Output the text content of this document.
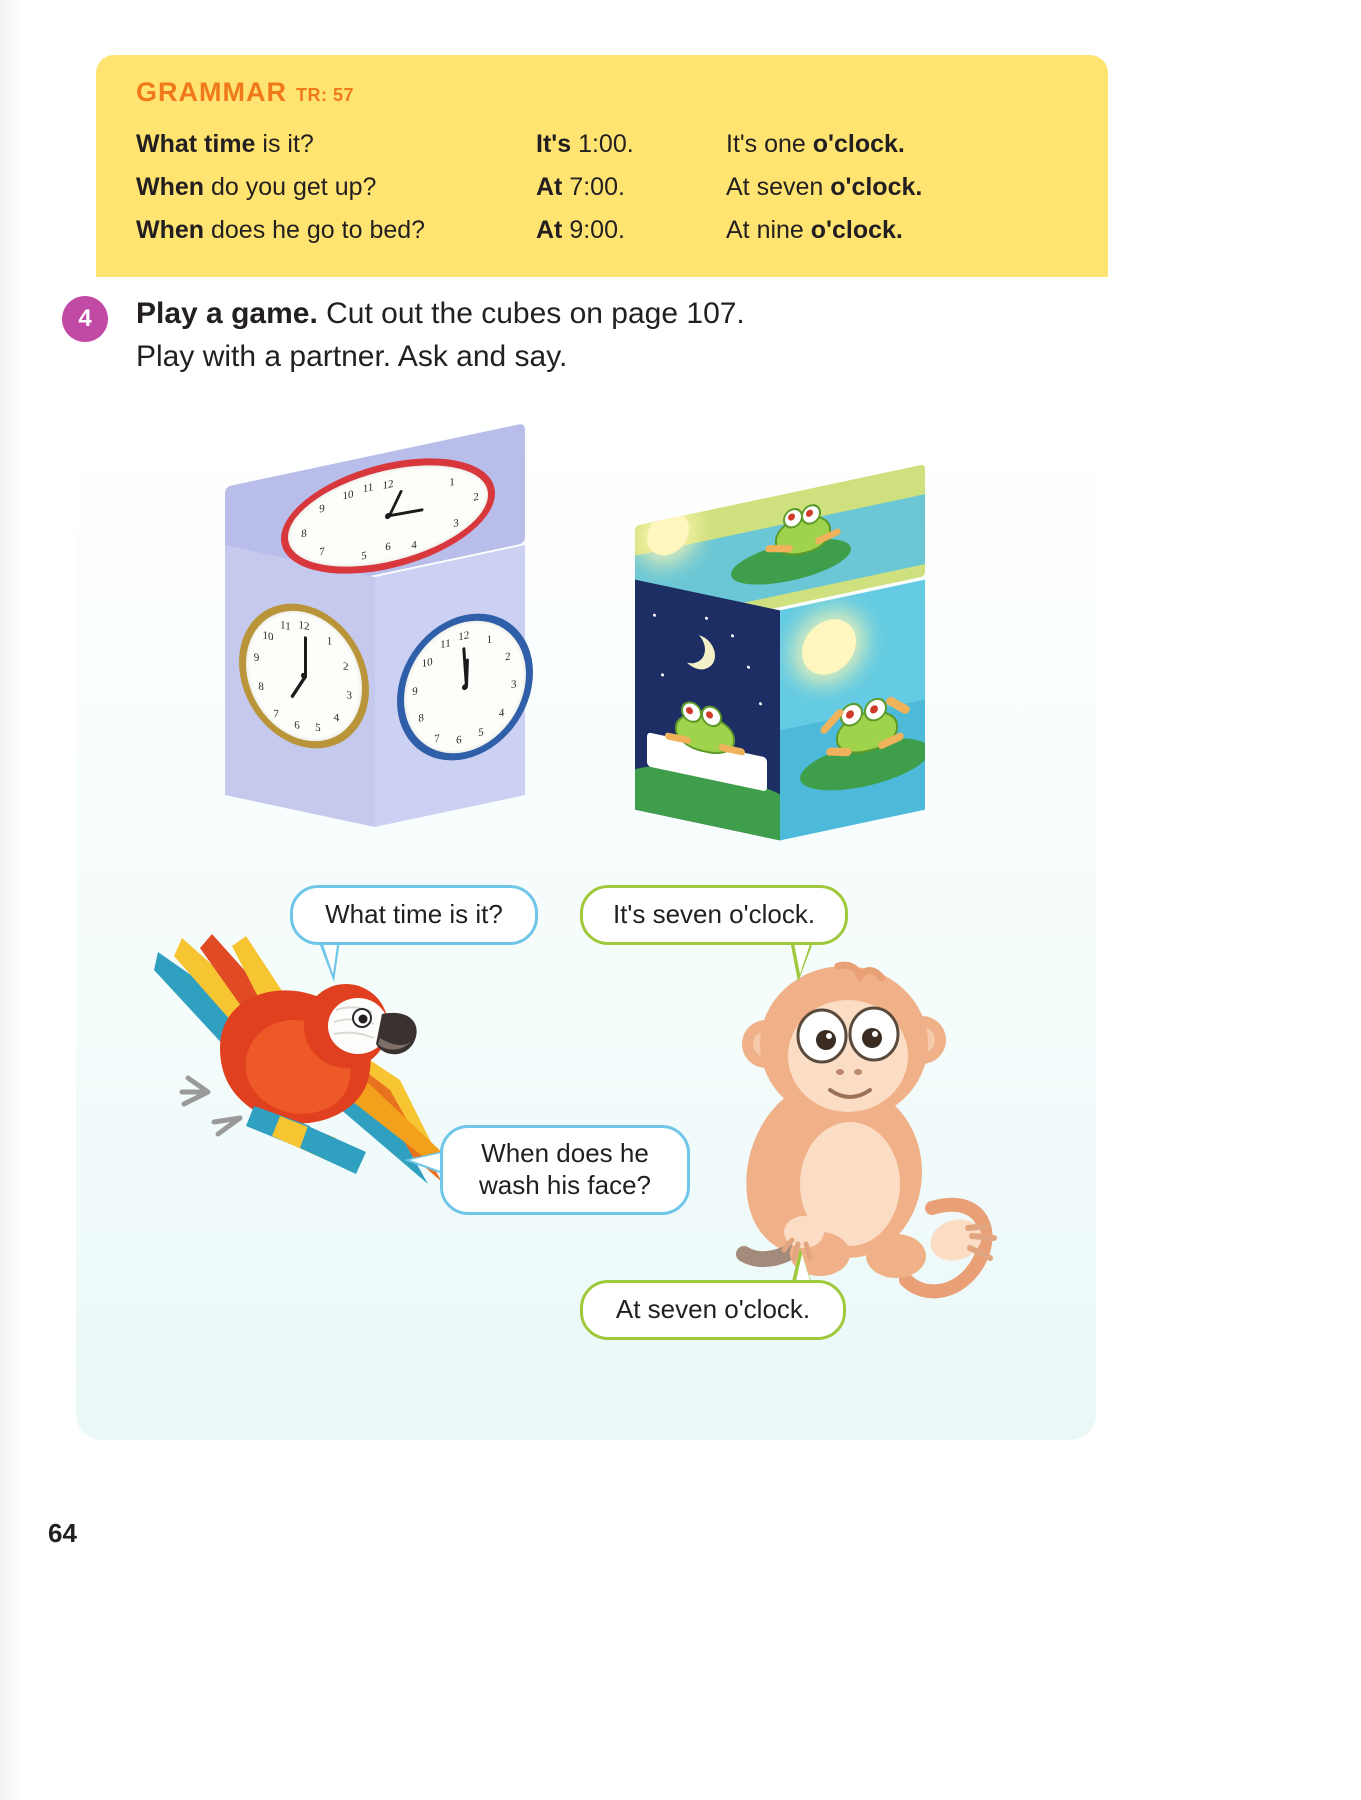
GRAMMAR TR: 57
What time is it?	It's 1:00.	It's one o'clock.
When do you get up?	At 7:00.	At seven o'clock.
When does he go to bed?	At 9:00.	At nine o'clock.
4	Play a game. Cut out the cubes on page 107.
Play with a partner. Ask and say.
12	1
2
3
4
5
6
7
8
9
10 11
12
1
2
3
4
5
6
7
8
9
10
11
12 1
2
3
4
5
6
7
8
9
10
11
What time is it?	It's seven o'clock.
When does he
wash his face?
At seven o'clock.
64
